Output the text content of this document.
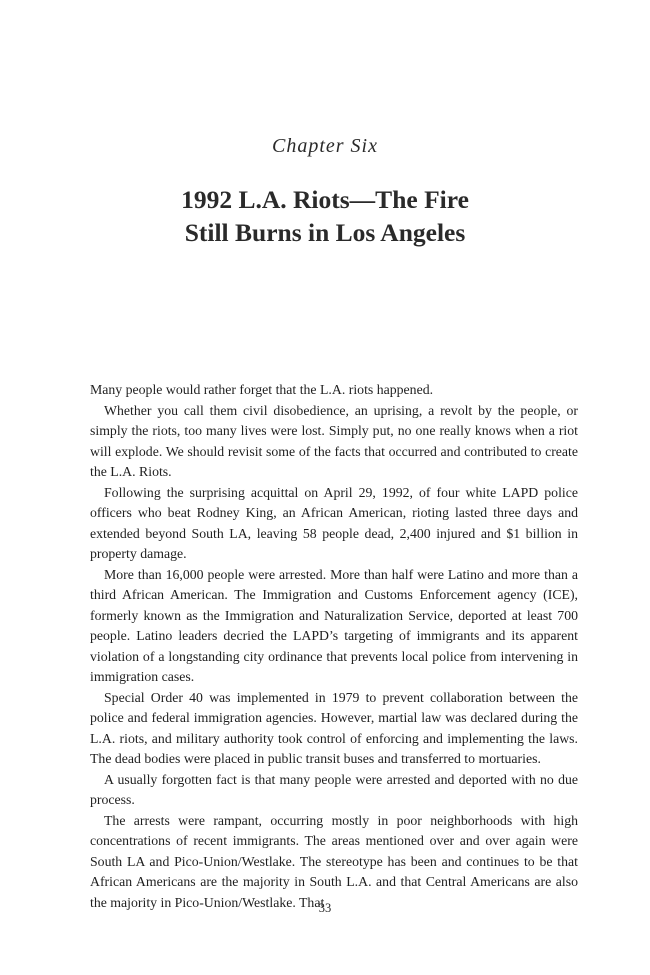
Chapter Six
1992 L.A. Riots—The Fire
Still Burns in Los Angeles

Many people would rather forget that the L.A. riots happened.

Whether you call them civil disobedience, an uprising, a revolt by the people, or simply the riots, too many lives were lost. Simply put, no one really knows when a riot will explode. We should revisit some of the facts that occurred and contributed to create the L.A. Riots.

Following the surprising acquittal on April 29, 1992, of four white LAPD police officers who beat Rodney King, an African American, rioting lasted three days and extended beyond South LA, leaving 58 people dead, 2,400 injured and $1 billion in property damage.

More than 16,000 people were arrested. More than half were Latino and more than a third African American. The Immigration and Customs Enforcement agency (ICE), formerly known as the Immigration and Naturalization Service, deported at least 700 people. Latino leaders decried the LAPD’s targeting of immigrants and its apparent violation of a longstanding city ordinance that prevents local police from intervening in immigration cases.

Special Order 40 was implemented in 1979 to prevent collaboration between the police and federal immigration agencies. However, martial law was declared during the L.A. riots, and military authority took control of enforcing and implementing the laws. The dead bodies were placed in public transit buses and transferred to mortuaries.

A usually forgotten fact is that many people were arrested and deported with no due process.

The arrests were rampant, occurring mostly in poor neighborhoods with high concentrations of recent immigrants. The areas mentioned over and over again were South LA and Pico-Union/Westlake. The stereotype has been and continues to be that African Americans are the majority in South L.A. and that Central Americans are also the majority in Pico-Union/Westlake. That

33
